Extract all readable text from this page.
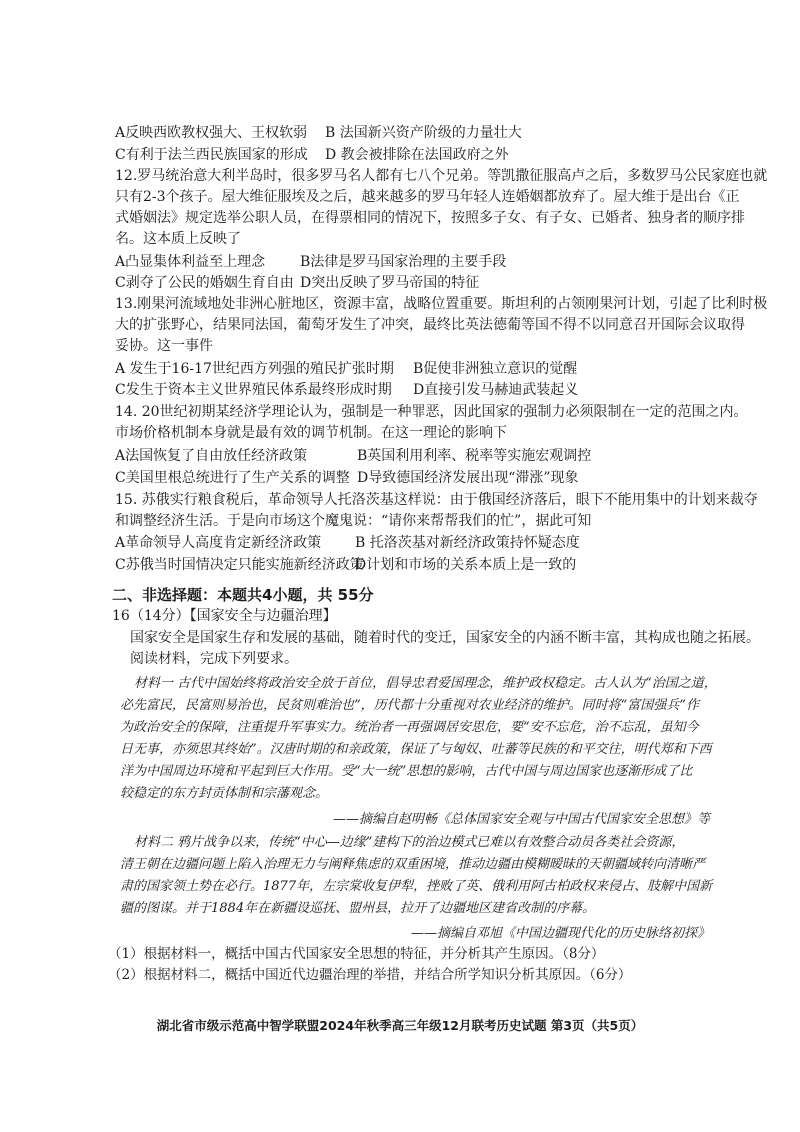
A反映西欧教权强大、王权软弱 B 法国新兴资产阶级的力量壮大
C有利于法兰西民族国家的形成 D 教会被排除在法国政府之外
12.罗马统治意大利半岛时，很多罗马名人都有七八个兄弟。等凯撒征服高卢之后，多数罗马公民家庭也就
只有2-3个孩子。屋大维征服埃及之后，越来越多的罗马年轻人连婚姻都放弃了。屋大维于是出台《正
式婚姻法》规定选举公职人员，在得票相同的情况下，按照多子女、有子女、已婚者、独身者的顺序排
名。这本质上反映了
A凸显集体利益至上理念 B法律是罗马国家治理的主要手段
C剥夺了公民的婚姻生育自由 D突出反映了罗马帝国的特征
13.刚果河流域地处非洲心脏地区，资源丰富，战略位置重要。斯坦利的占领刚果河计划，引起了比利时极
大的扩张野心，结果同法国，葡萄牙发生了冲突，最终比英法德葡等国不得不以同意召开国际会议取得
妥协。这一事件
A 发生于16-17世纪西方列强的殖民扩张时期 B促使非洲独立意识的觉醒
C发生于资本主义世界殖民体系最终形成时期 D直接引发马赫迪武装起义
14. 20世纪初期某经济学理论认为，强制是一种罪恶，因此国家的强制力必须限制在一定的范围之内。
市场价格机制本身就是最有效的调节机制。在这一理论的影响下
A法国恢复了自由放任经济政策	B英国利用利率、税率等实施宏观调控
C美国里根总统进行了生产关系的调整 D导致德国经济发展出现“滞涨”现象
15. 苏俄实行粮食税后，革命领导人托洛茨基这样说：由于俄国经济落后，眼下不能用集中的计划来裁夺
和调整经济生活。于是向市场这个魔鬼说：“请你来帮帮我们的忙”，据此可知
A革命领导人高度肯定新经济政策 B 托洛茨基对新经济政策持怀疑态度
C苏俄当时国情决定只能实施新经济政策
D计划和市场的关系本质上是一致的
二、非选择题：本题共4小题，共 55分
16（14分）【国家安全与边疆治理】
国家安全是国家生存和发展的基础，随着时代的变迁，国家安全的内涵不断丰富，其构成也随之拓展。
阅读材料，完成下列要求。
材料一 古代中国始终将政治安全放于首位，倡导忠君爱国理念，维护政权稳定。古人认为“治国之道，
必先富民，民富则易治也，民贫则难治也”，历代都十分重视对农业经济的维护。同时将“富国强兵”作
为政治安全的保障，注重提升军事实力。统治者一再强调居安思危，要“安不忘危，治不忘乱，虽知今
日无事，亦须思其终始”。汉唐时期的和亲政策，保证了与匈奴、吐蕃等民族的和平交往，明代郑和下西
洋为中国周边环境和平起到巨大作用。受“大一统”思想的影响，古代中国与周边国家也逐渐形成了比
较稳定的东方封贡体制和宗藩观念。
——摘编自赵明畅《总体国家安全观与中国古代国家安全思想》等
材料二 鸦片战争以来，传统“中心—边缘”建构下的治边模式已难以有效整合动员各类社会资源，
清王朝在边疆问题上陷入治理无力与阐释焦虑的双重困境，推动边疆由模糊暧昧的天朝疆域转向清晰严
肃的国家领土势在必行。1877年，左宗棠收复伊犁，挫败了英、俄利用阿古柏政权来侵占、肢解中国新
疆的图谋。并于1884年在新疆设巡抚、盟州县，拉开了边疆地区建省改制的序幕。
——摘编自邓旭《中国边疆现代化的历史脉络初探》
（1）根据材料一，概括中国古代国家安全思想的特征，并分析其产生原因。（8分）
（2）根据材料二，概括中国近代边疆治理的举措，并结合所学知识分析其原因。（6分）
湖北省市级示范高中智学联盟2024年秋季高三年级12月联考历史试题 第3页（共5页）
